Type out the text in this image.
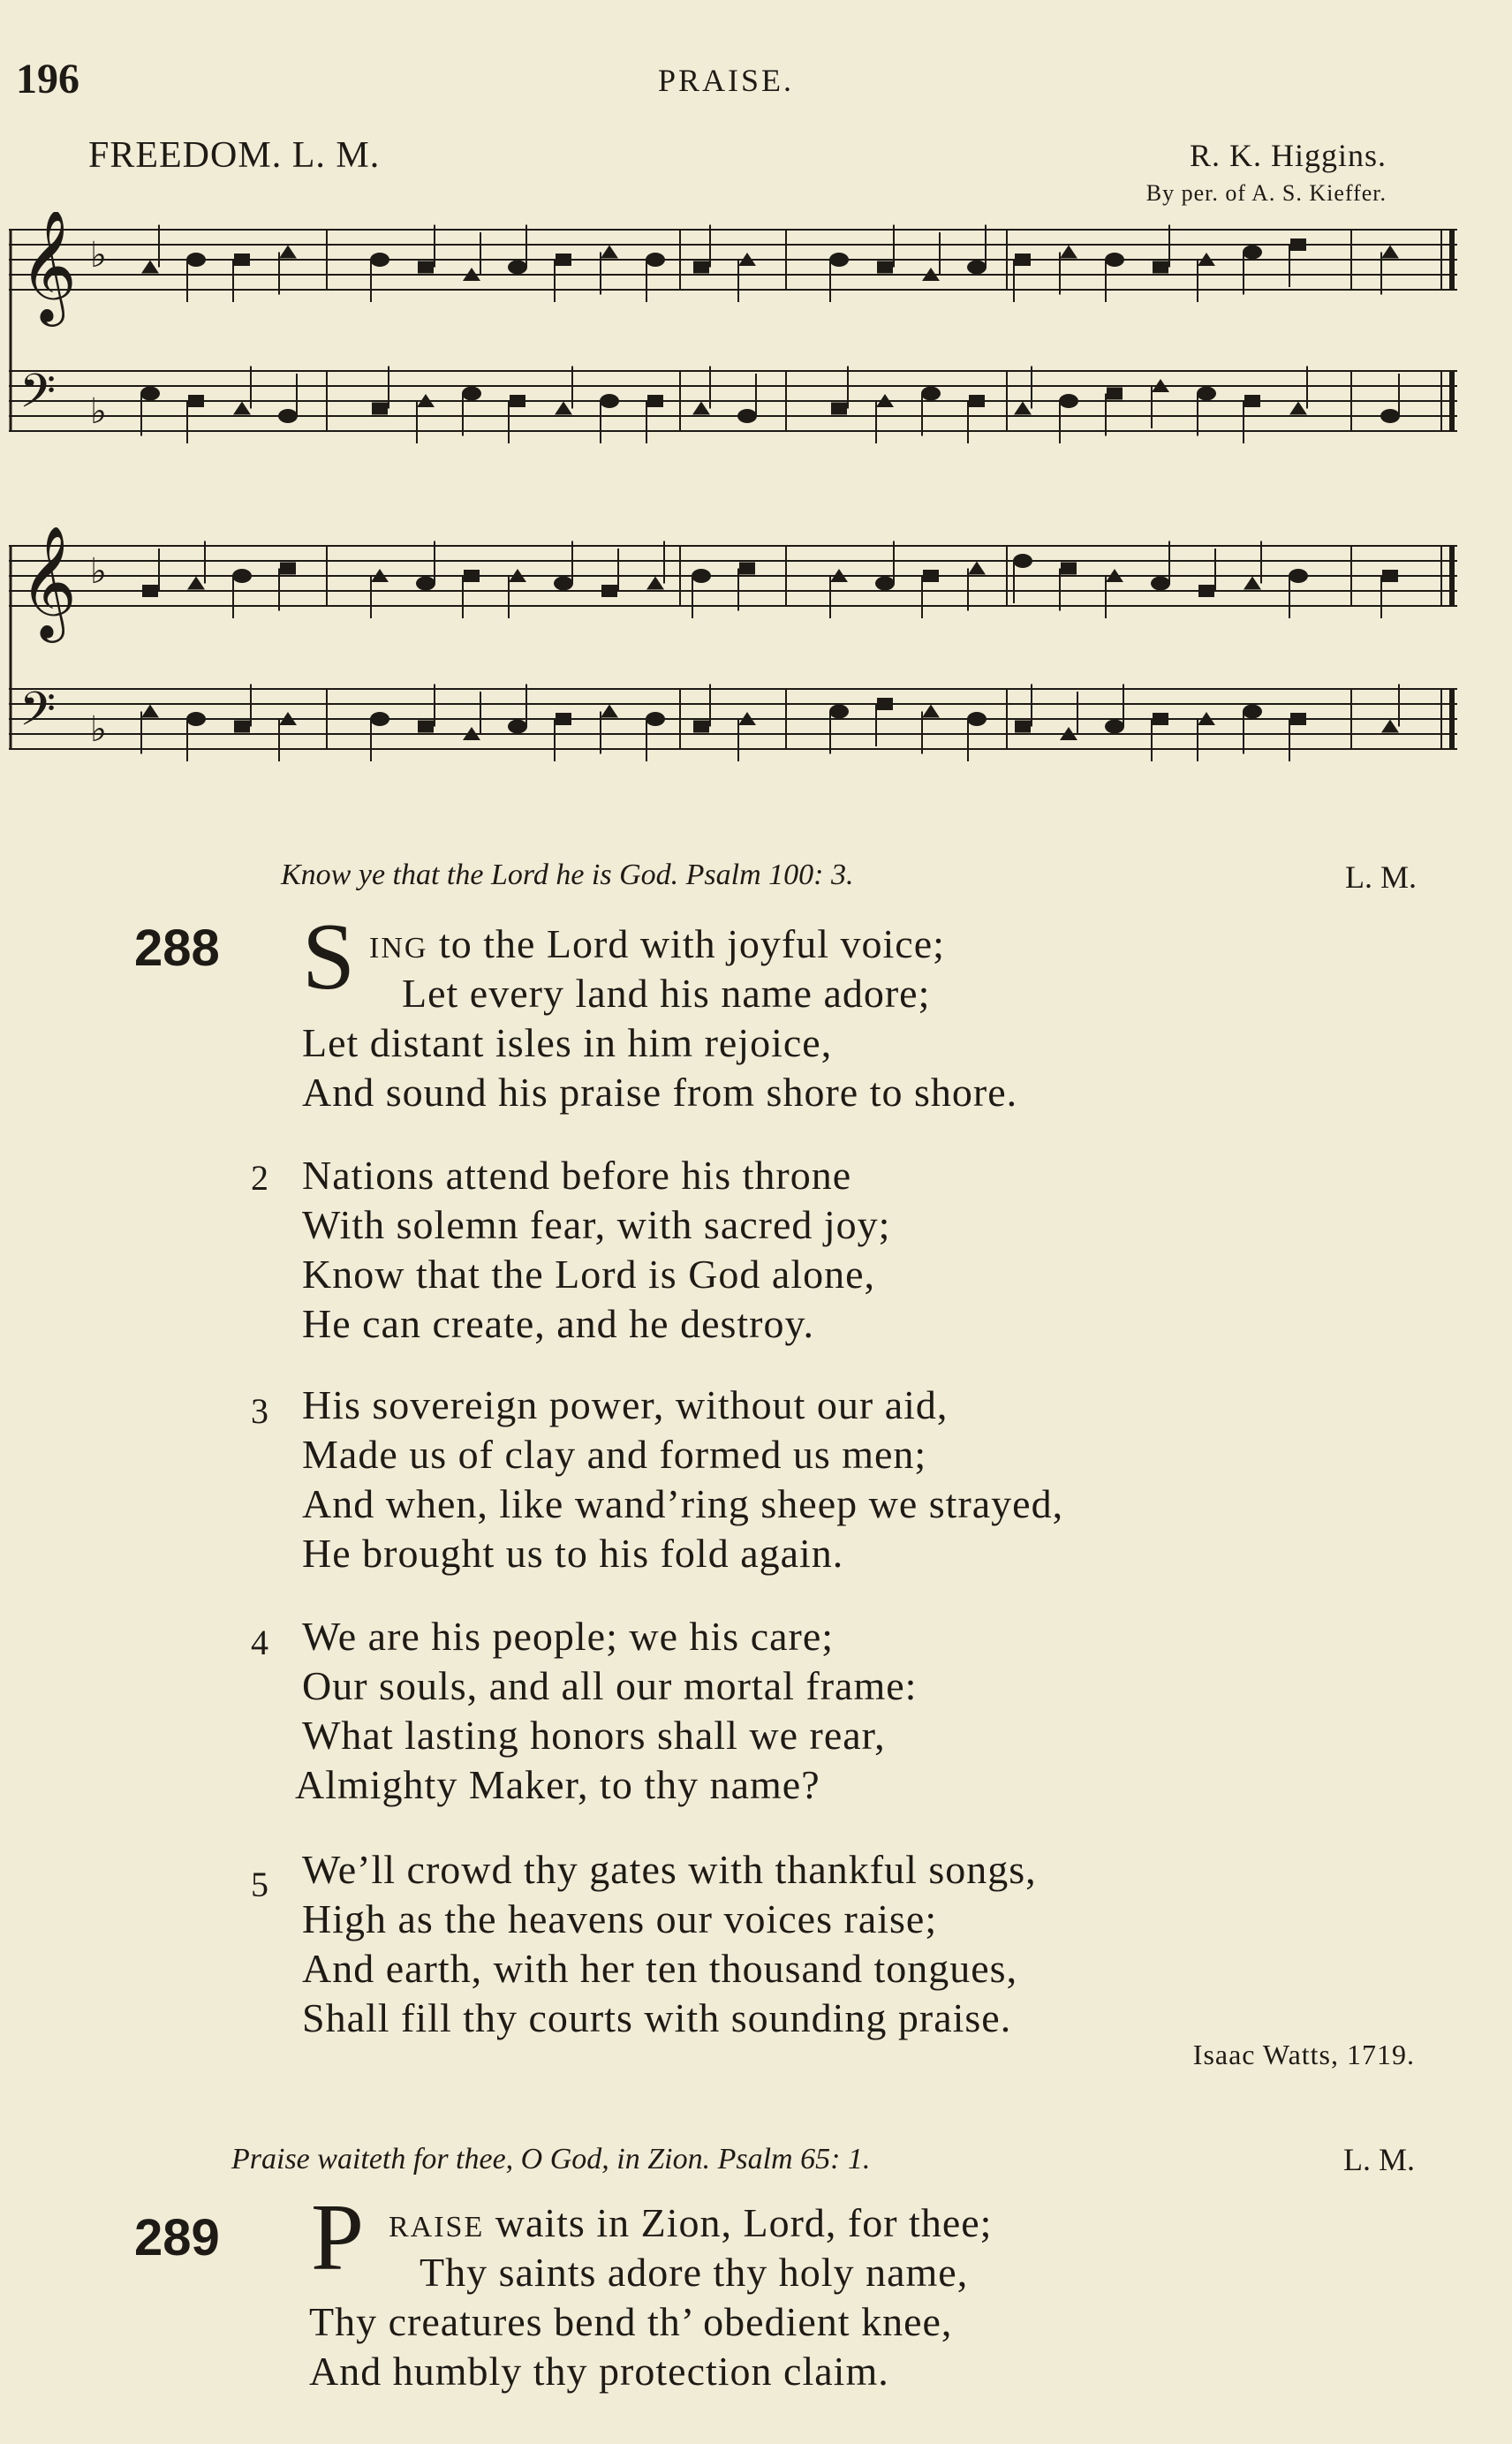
196	PRAISE.
FREEDOM. L. M.	R. K. Higgins.
By per. of A. S. Kieffer.
𝄞 ♭
𝄢 ♭
𝄞 ♭
𝄢 ♭
Know ye that the Lord he is God. Psalm 100: 3.	L. M.
288 S ING to the Lord with joyful voice;
Let every land his name adore;
Let distant isles in him rejoice,
And sound his praise from shore to shore.
2 Nations attend before his throne
With solemn fear, with sacred joy;
Know that the Lord is God alone,
He can create, and he destroy.
3 His sovereign power, without our aid,
Made us of clay and formed us men;
And when, like wand’ring sheep we strayed,
He brought us to his fold again.
4 We are his people; we his care;
Our souls, and all our mortal frame:
What lasting honors shall we rear,
Almighty Maker, to thy name?
5 We’ll crowd thy gates with thankful songs,
High as the heavens our voices raise;
And earth, with her ten thousand tongues,
Shall fill thy courts with sounding praise.
Isaac Watts, 1719.
Praise waiteth for thee, O God, in Zion. Psalm 65: 1.	L. M.
289 P RAISE waits in Zion, Lord, for thee;
Thy saints adore thy holy name,
Thy creatures bend th’ obedient knee,
And humbly thy protection claim.
